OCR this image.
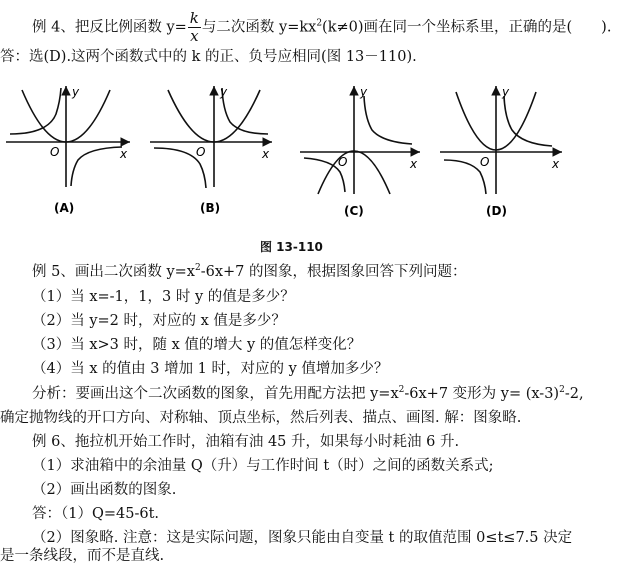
例 4、把反比例函数 $y= \frac{k}{x}$ 与二次函数 $y=kx^2(k\ne 0)$画在同一个坐标系里，正确的是(　　).
答：选(D).这两个函数式中的 k 的正、负号应相同(图 13－110).
y
x
O
(A)
y
x
O
(B)
y
x
O
(C)
y
x
O
(D)
图 13-110
例 5、画出二次函数 $y=x^2-6x+7$ 的图象，根据图象回答下列问题：
（1）当 x=-1，1，3 时 y 的值是多少？
（2）当 y=2 时，对应的 x 值是多少？
（3）当 x>3 时，随 x 值的增大 y 的值怎样变化？
（4）当 x 的值由 3 增加 1 时，对应的 y 值增加多少？
分析：要画出这个二次函数的图象，首先用配方法把 $y=x^2-6x+7$ 变形为 $y= (x-3)^2-2$,
确定抛物线的开口方向、对称轴、顶点坐标，然后列表、描点、画图. 解：图象略.
例 6、拖拉机开始工作时，油箱有油 45 升，如果每小时耗油 6 升.
（1）求油箱中的余油量 Q（升）与工作时间 t（时）之间的函数关系式;
（2）画出函数的图象.
答：（1）Q=45-6t.
（2）图象略. 注意：这是实际问题，图象只能由自变量 t 的取值范围 0≤t≤7.5 决定
是一条线段，而不是直线.
